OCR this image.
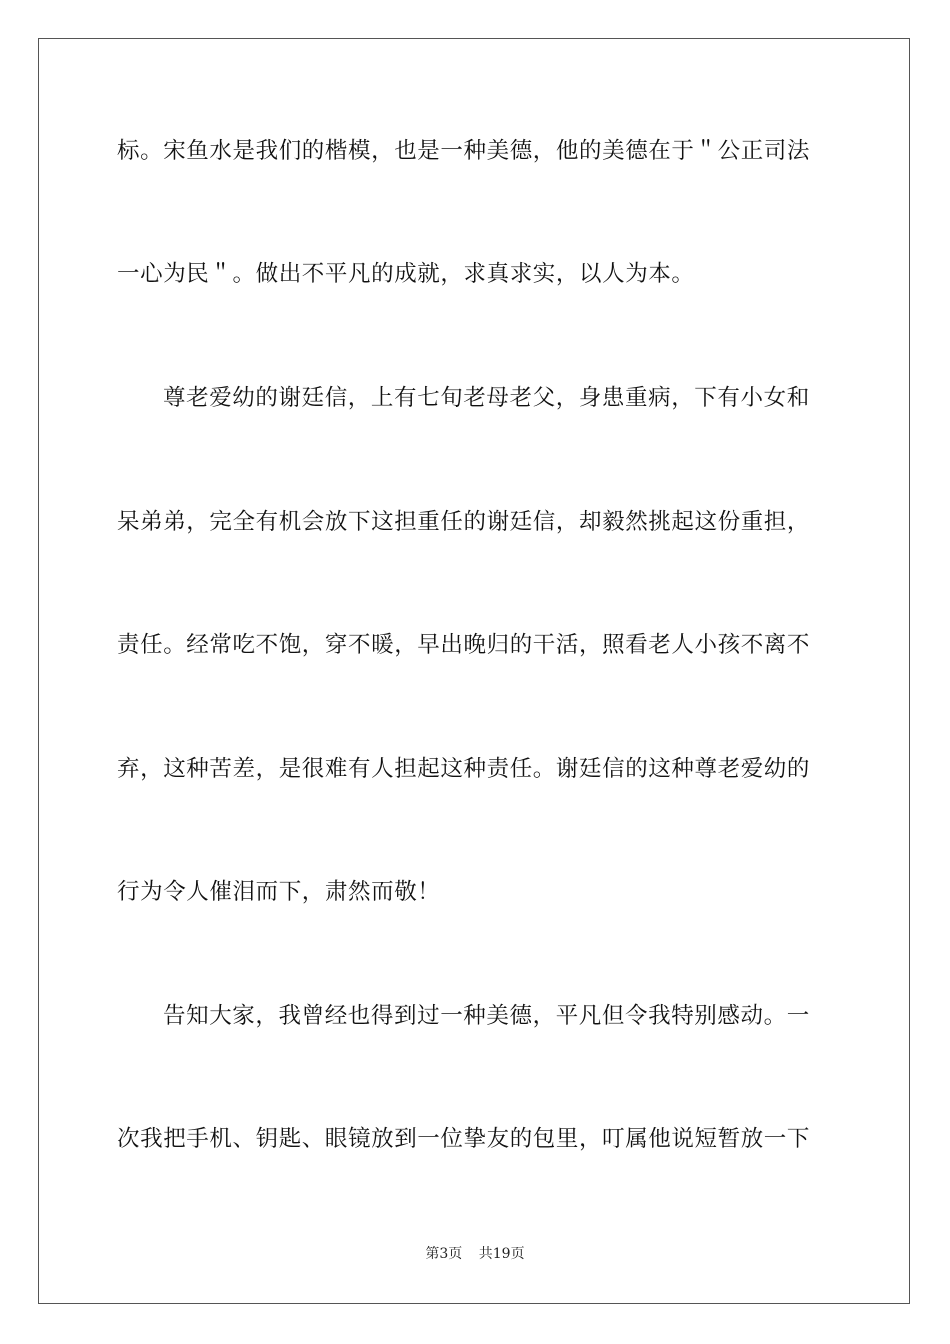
标。宋鱼水是我们的楷模，也是一种美德，他的美德在于＂公正司法
一心为民＂。做出不平凡的成就，求真求实，以人为本。
尊老爱幼的谢廷信，上有七旬老母老父，身患重病，下有小女和
呆弟弟，完全有机会放下这担重任的谢廷信，却毅然挑起这份重担，
责任。经常吃不饱，穿不暖，早出晚归的干活，照看老人小孩不离不
弃，这种苦差，是很难有人担起这种责任。谢廷信的这种尊老爱幼的
行为令人催泪而下，肃然而敬！
告知大家，我曾经也得到过一种美德，平凡但令我特别感动。一
次我把手机、钥匙、眼镜放到一位挚友的包里，叮属他说短暂放一下
第3页 共19页
